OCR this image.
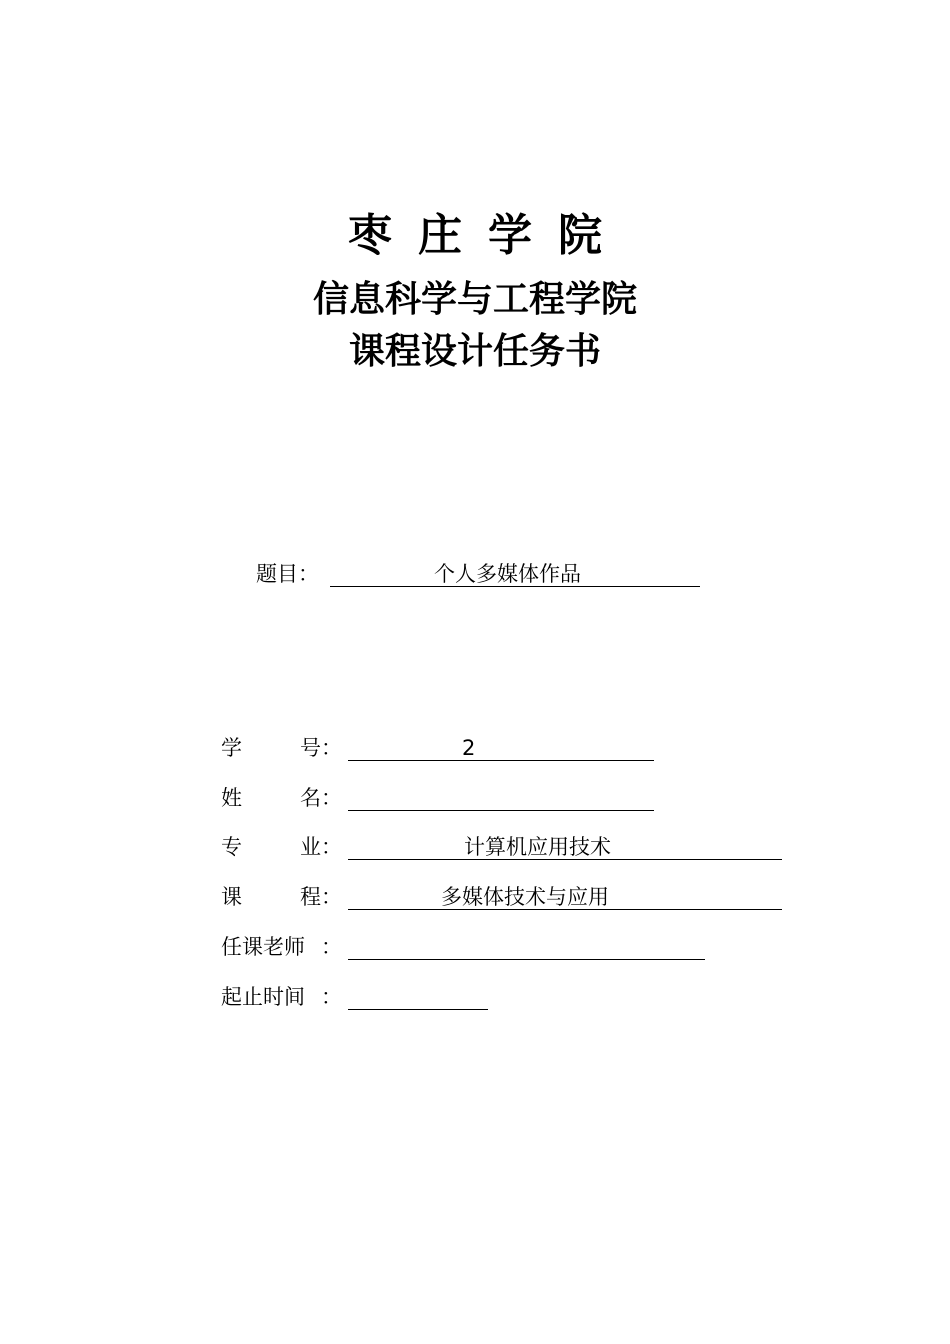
枣庄学院
信息科学与工程学院
课程设计任务书
题目 ：	个人多媒体作品
学	号 ：	2
姓	名 ：
专	业 ：	计算机应用技术
课	程 ：	多媒体技术与应用
任课老师 ：
起止时间 ：
